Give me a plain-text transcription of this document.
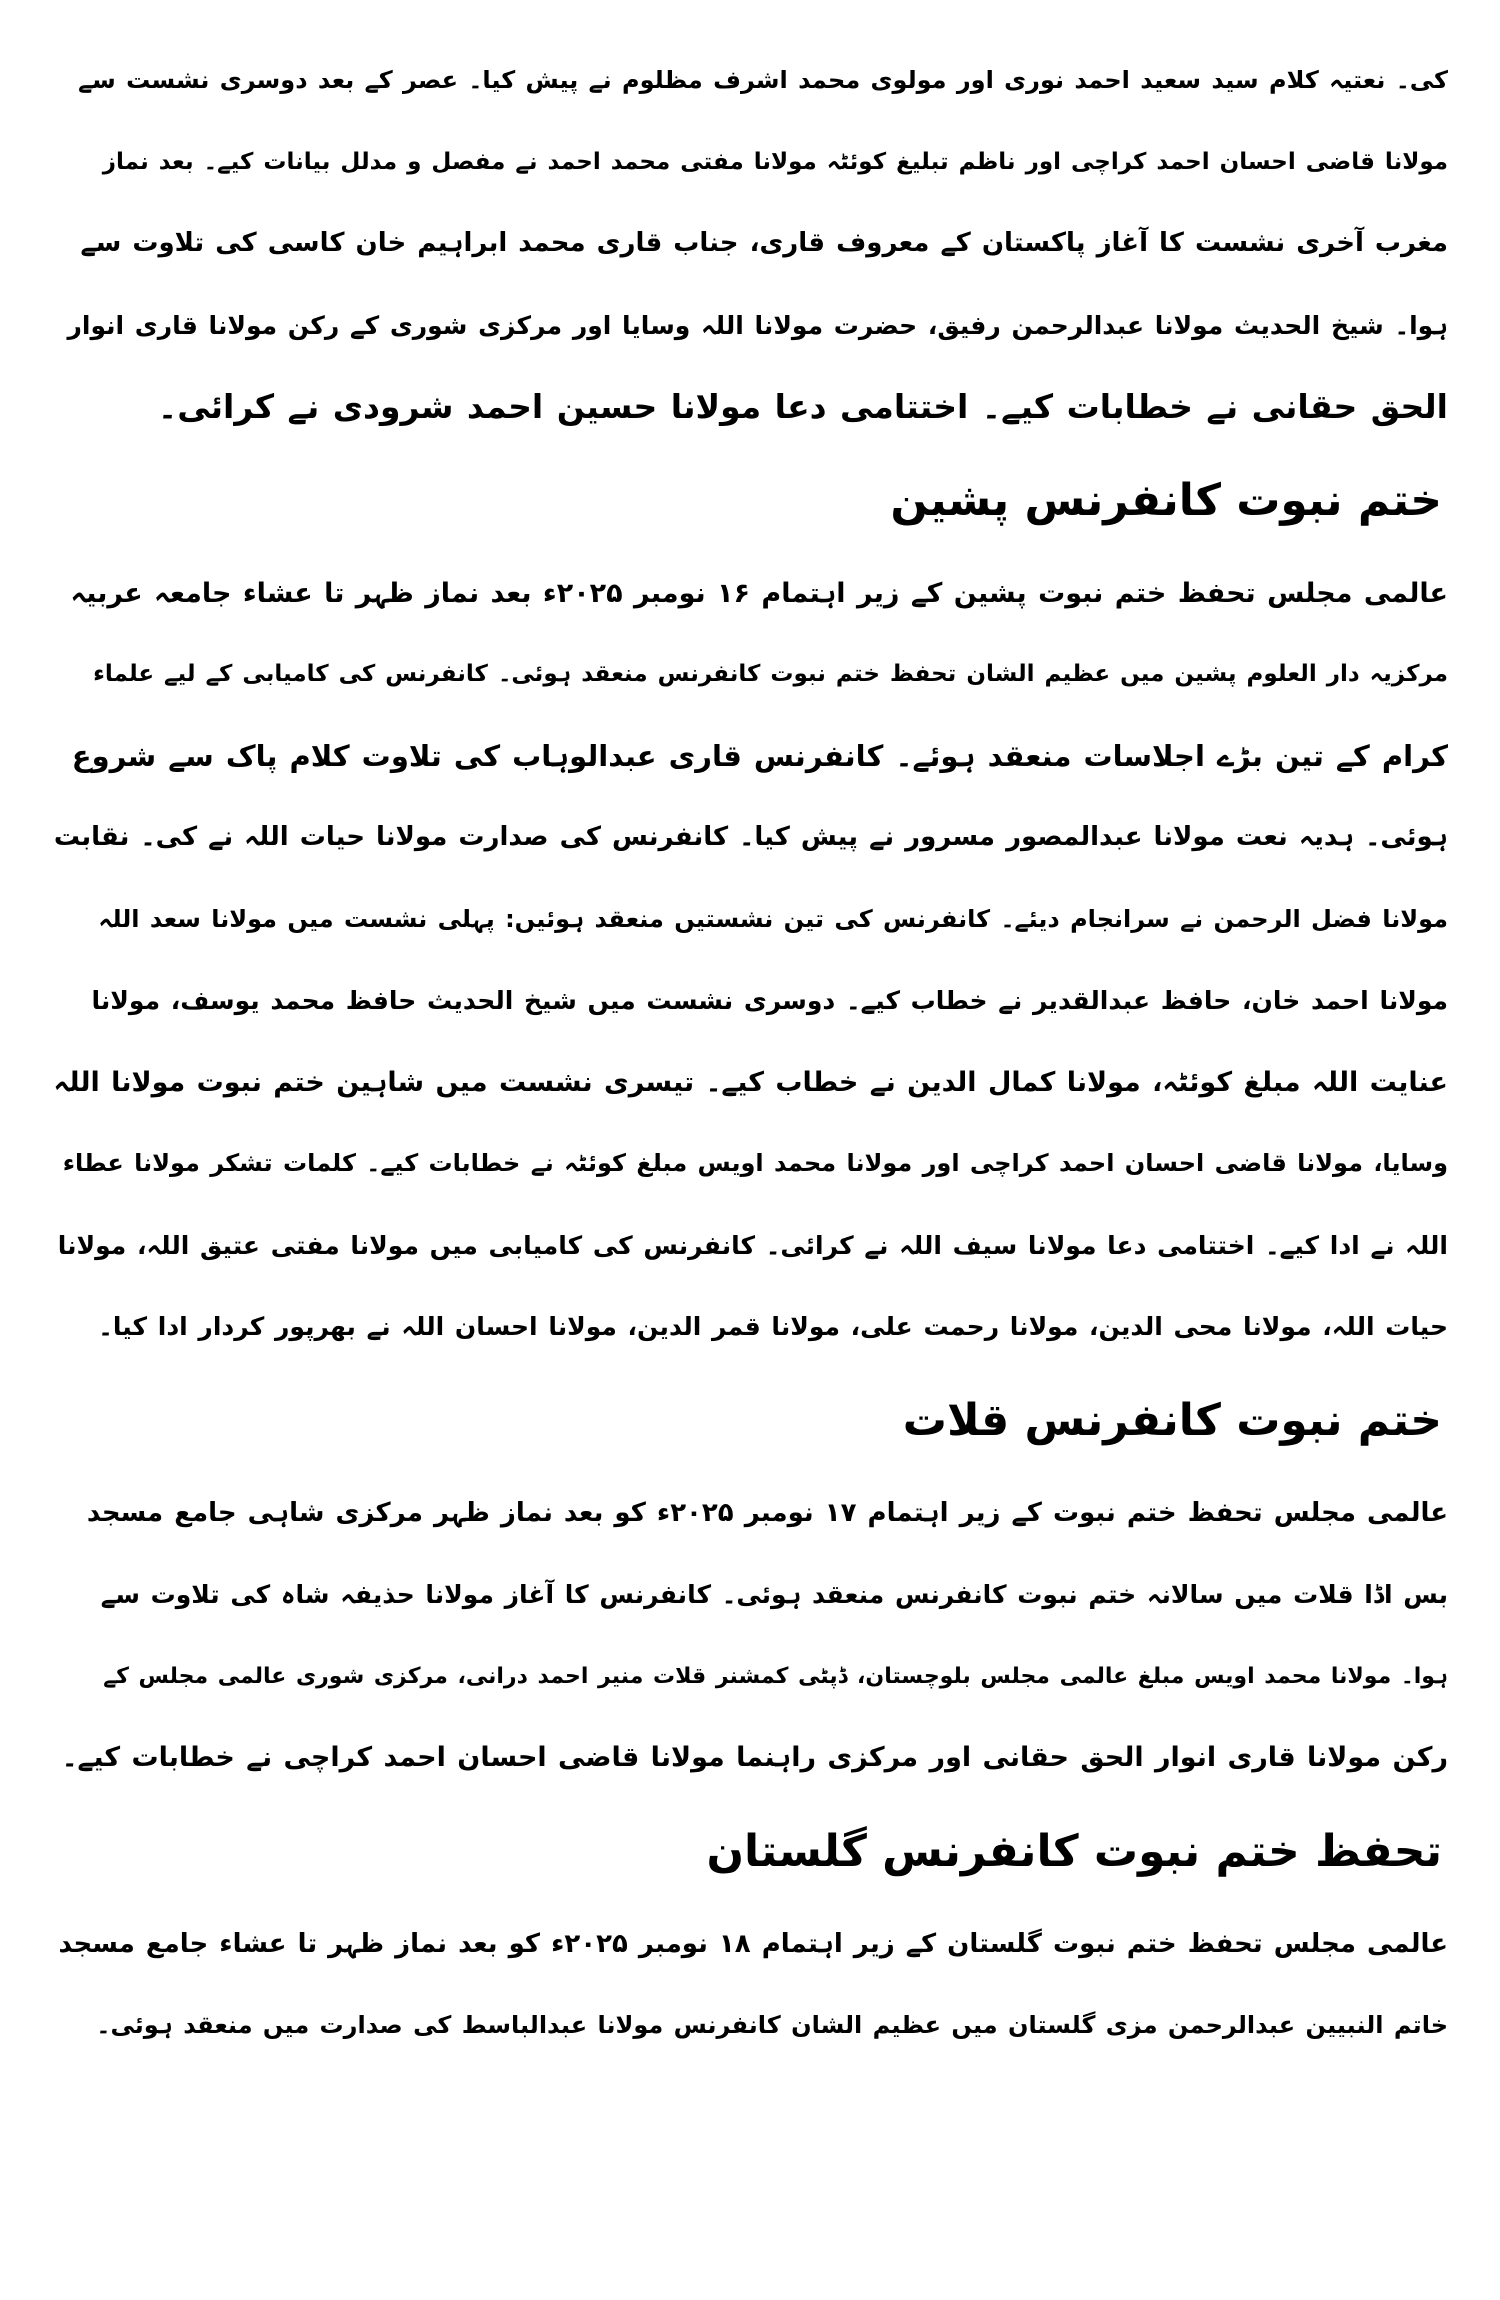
کی۔ نعتیہ کلام سید سعید احمد نوری اور مولوی محمد اشرف مظلوم نے پیش کیا۔ عصر کے بعد دوسری نشست سے
مولانا قاضی احسان احمد کراچی اور ناظم تبلیغ کوئٹہ مولانا مفتی محمد احمد نے مفصل و مدلل بیانات کیے۔ بعد نماز
مغرب آخری نشست کا آغاز پاکستان کے معروف قاری، جناب قاری محمد ابراہیم خان کاسی کی تلاوت سے
ہوا۔ شیخ الحدیث مولانا عبدالرحمن رفیق، حضرت مولانا اللہ وسایا اور مرکزی شوری کے رکن مولانا قاری انوار
الحق حقانی نے خطابات کیے۔ اختتامی دعا مولانا حسین احمد شرودی نے کرائی۔

ختم نبوت کانفرنس پشین

عالمی مجلس تحفظ ختم نبوت پشین کے زیر اہتمام ۱۶ نومبر ۲۰۲۵ء بعد نماز ظہر تا عشاء جامعہ عربیہ
مرکزیہ دار العلوم پشین میں عظیم الشان تحفظ ختم نبوت کانفرنس منعقد ہوئی۔ کانفرنس کی کامیابی کے لیے علماء
کرام کے تین بڑے اجلاسات منعقد ہوئے۔ کانفرنس قاری عبدالوہاب کی تلاوت کلام پاک سے شروع
ہوئی۔ ہدیہ نعت مولانا عبدالمصور مسرور نے پیش کیا۔ کانفرنس کی صدارت مولانا حیات اللہ نے کی۔ نقابت
مولانا فضل الرحمن نے سرانجام دیئے۔ کانفرنس کی تین نشستیں منعقد ہوئیں: پہلی نشست میں مولانا سعد اللہ
مولانا احمد خان، حافظ عبدالقدیر نے خطاب کیے۔ دوسری نشست میں شیخ الحدیث حافظ محمد یوسف، مولانا
عنایت اللہ مبلغ کوئٹہ، مولانا کمال الدین نے خطاب کیے۔ تیسری نشست میں شاہین ختم نبوت مولانا اللہ
وسایا، مولانا قاضی احسان احمد کراچی اور مولانا محمد اویس مبلغ کوئٹہ نے خطابات کیے۔ کلمات تشکر مولانا عطاء
اللہ نے ادا کیے۔ اختتامی دعا مولانا سیف اللہ نے کرائی۔ کانفرنس کی کامیابی میں مولانا مفتی عتیق اللہ، مولانا
حیات اللہ، مولانا محی الدین، مولانا رحمت علی، مولانا قمر الدین، مولانا احسان اللہ نے بھرپور کردار ادا کیا۔

ختم نبوت کانفرنس قلات

عالمی مجلس تحفظ ختم نبوت کے زیر اہتمام ۱۷ نومبر ۲۰۲۵ء کو بعد نماز ظہر مرکزی شاہی جامع مسجد
بس اڈا قلات میں سالانہ ختم نبوت کانفرنس منعقد ہوئی۔ کانفرنس کا آغاز مولانا حذیفہ شاہ کی تلاوت سے
ہوا۔ مولانا محمد اویس مبلغ عالمی مجلس بلوچستان، ڈپٹی کمشنر قلات منیر احمد درانی، مرکزی شوری عالمی مجلس کے
رکن مولانا قاری انوار الحق حقانی اور مرکزی راہنما مولانا قاضی احسان احمد کراچی نے خطابات کیے۔

تحفظ ختم نبوت کانفرنس گلستان

عالمی مجلس تحفظ ختم نبوت گلستان کے زیر اہتمام ۱۸ نومبر ۲۰۲۵ء کو بعد نماز ظہر تا عشاء جامع مسجد
خاتم النبیین عبدالرحمن مزی گلستان میں عظیم الشان کانفرنس مولانا عبدالباسط کی صدارت میں منعقد ہوئی۔
